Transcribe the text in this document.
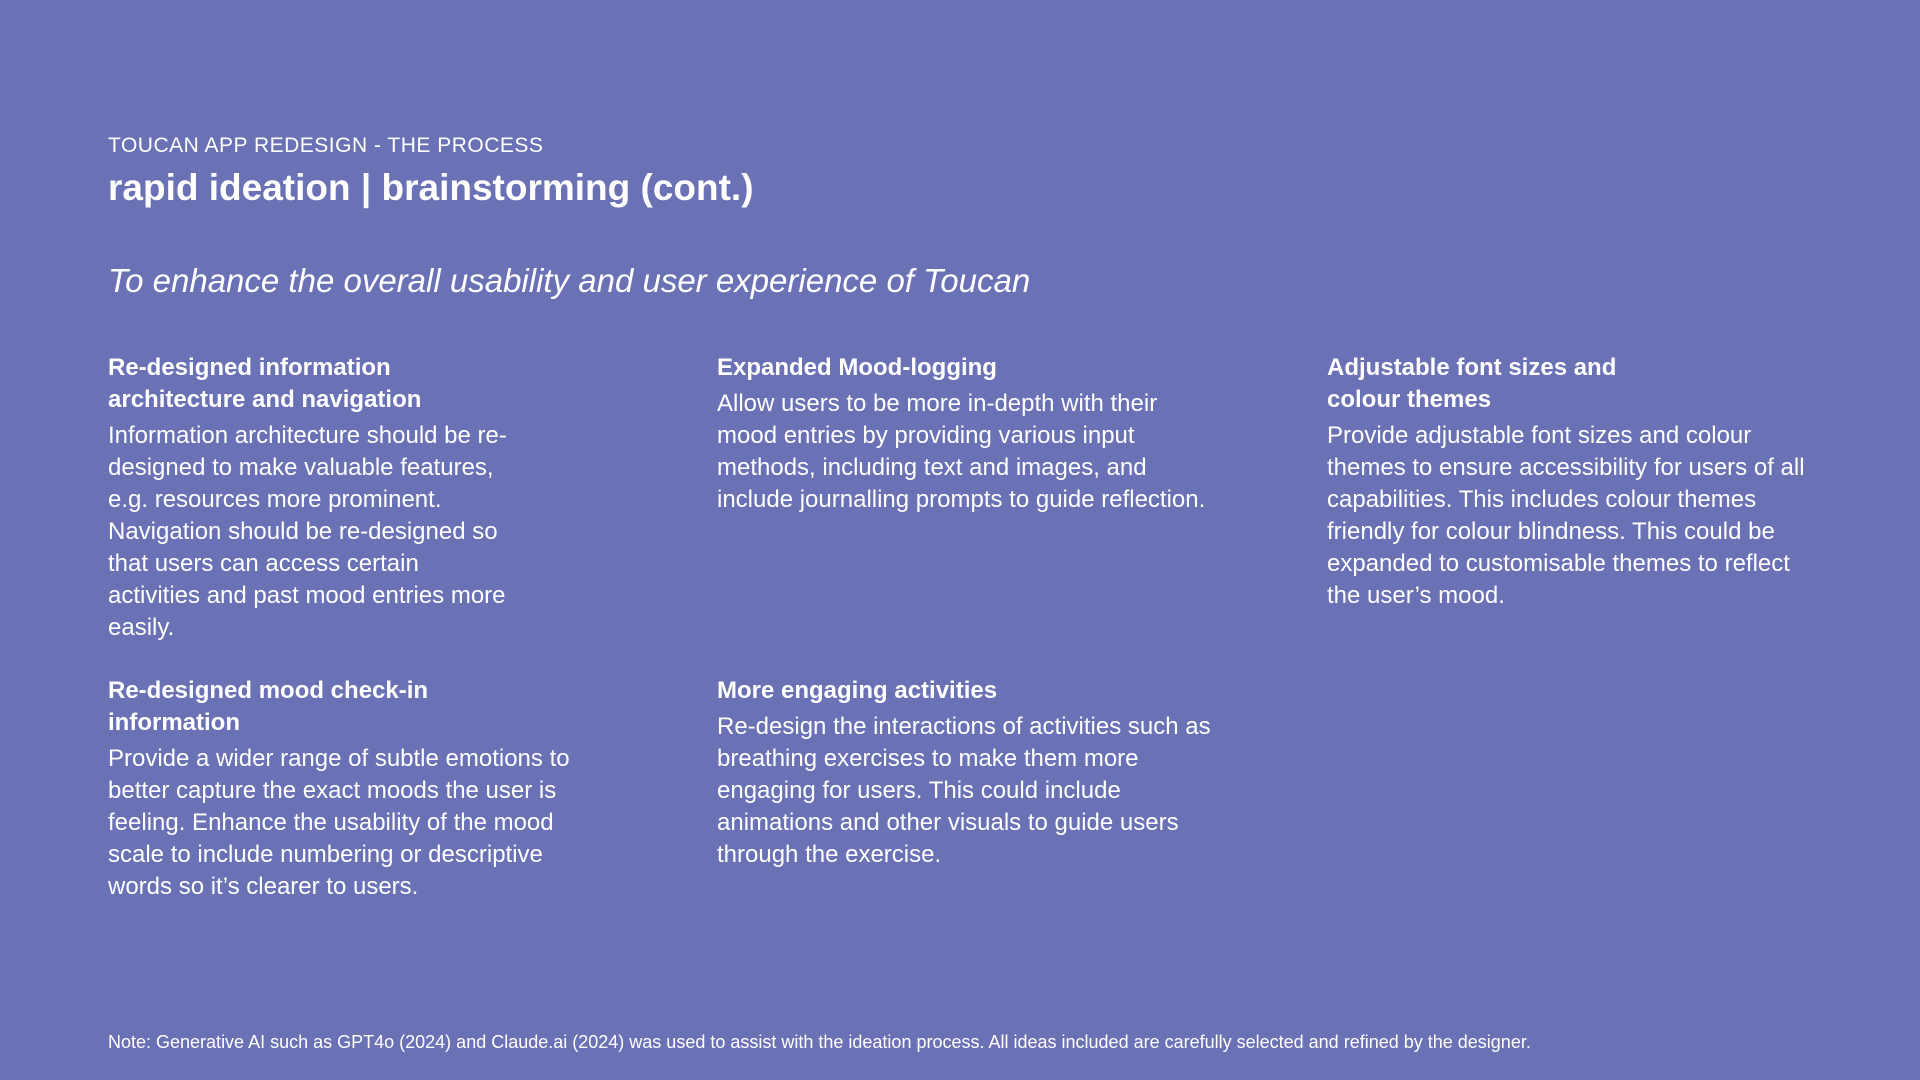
TOUCAN APP REDESIGN - THE PROCESS
rapid ideation | brainstorming (cont.)

To enhance the overall usability and user experience of Toucan

Re-designed information architecture and navigation

Information architecture should be re-designed to make valuable features, e.g. resources more prominent. Navigation should be re-designed so that users can access certain activities and past mood entries more easily.

Expanded Mood-logging

Allow users to be more in-depth with their mood entries by providing various input methods, including text and images, and include journalling prompts to guide reflection.

Adjustable font sizes and colour themes

Provide adjustable font sizes and colour themes to ensure accessibility for users of all capabilities. This includes colour themes friendly for colour blindness. This could be expanded to customisable themes to reflect the user’s mood.

Re-designed mood check-in information

Provide a wider range of subtle emotions to better capture the exact moods the user is feeling. Enhance the usability of the mood scale to include numbering or descriptive words so it’s clearer to users.

More engaging activities

Re-design the interactions of activities such as breathing exercises to make them more engaging for users. This could include animations and other visuals to guide users through the exercise.

Note: Generative AI such as GPT4o (2024) and Claude.ai (2024) was used to assist with the ideation process. All ideas included are carefully selected and refined by the designer.
